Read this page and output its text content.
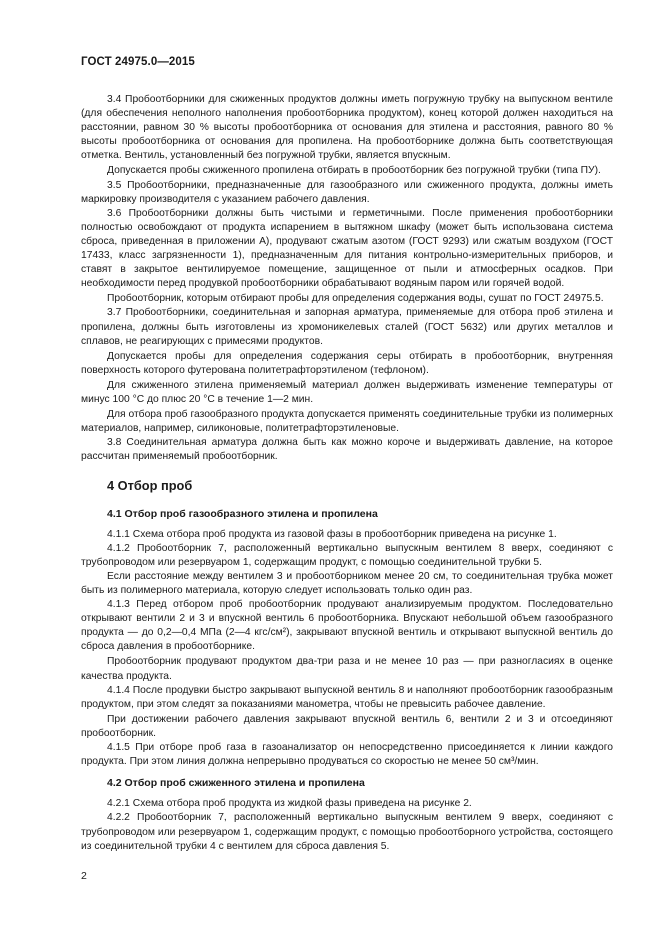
ГОСТ 24975.0—2015

3.4 Пробоотборники для сжиженных продуктов должны иметь погружную трубку на выпускном вентиле (для обеспечения неполного наполнения пробоотборника продуктом), конец которой должен находиться на расстоянии, равном 30 % высоты пробоотборника от основания для этилена и расстояния, равного 80 % высоты пробоотборника от основания для пропилена. На пробоотборнике должна быть соответствующая отметка. Вентиль, установленный без погружной трубки, является впускным.

Допускается пробы сжиженного пропилена отбирать в пробоотборник без погружной трубки (типа ПУ).

3.5 Пробоотборники, предназначенные для газообразного или сжиженного продукта, должны иметь маркировку производителя с указанием рабочего давления.

3.6 Пробоотборники должны быть чистыми и герметичными. После применения пробоотборники полностью освобождают от продукта испарением в вытяжном шкафу (может быть использована система сброса, приведенная в приложении А), продувают сжатым азотом (ГОСТ 9293) или сжатым воздухом (ГОСТ 17433, класс загрязненности 1), предназначенным для питания контрольно-измерительных приборов, и ставят в закрытое вентилируемое помещение, защищенное от пыли и атмосферных осадков. При необходимости перед продувкой пробоотборники обрабатывают водяным паром или горячей водой.

Пробоотборник, которым отбирают пробы для определения содержания воды, сушат по ГОСТ 24975.5.

3.7 Пробоотборники, соединительная и запорная арматура, применяемые для отбора проб этилена и пропилена, должны быть изготовлены из хромоникелевых сталей (ГОСТ 5632) или других металлов и сплавов, не реагирующих с примесями продуктов.

Допускается пробы для определения содержания серы отбирать в пробоотборник, внутренняя поверхность которого футерована политетрафторэтиленом (тефлоном).

Для сжиженного этилена применяемый материал должен выдерживать изменение температуры от минус 100 °С до плюс 20 °С в течение 1—2 мин.

Для отбора проб газообразного продукта допускается применять соединительные трубки из полимерных материалов, например, силиконовые, политетрафторэтиленовые.

3.8 Соединительная арматура должна быть как можно короче и выдерживать давление, на которое рассчитан применяемый пробоотборник.

4 Отбор проб
4.1 Отбор проб газообразного этилена и пропилена

4.1.1 Схема отбора проб продукта из газовой фазы в пробоотборник приведена на рисунке 1.

4.1.2 Пробоотборник 7, расположенный вертикально выпускным вентилем 8 вверх, соединяют с трубопроводом или резервуаром 1, содержащим продукт, с помощью соединительной трубки 5.

Если расстояние между вентилем 3 и пробоотборником менее 20 см, то соединительная трубка может быть из полимерного материала, которую следует использовать только один раз.

4.1.3 Перед отбором проб пробоотборник продувают анализируемым продуктом. Последовательно открывают вентили 2 и 3 и впускной вентиль 6 пробоотборника. Впускают небольшой объем газообразного продукта — до 0,2—0,4 МПа (2—4 кгс/см²), закрывают впускной вентиль и открывают выпускной вентиль до сброса давления в пробоотборнике.

Пробоотборник продувают продуктом два-три раза и не менее 10 раз — при разногласиях в оценке качества продукта.

4.1.4 После продувки быстро закрывают выпускной вентиль 8 и наполняют пробоотборник газообразным продуктом, при этом следят за показаниями манометра, чтобы не превысить рабочее давление.

При достижении рабочего давления закрывают впускной вентиль 6, вентили 2 и 3 и отсоединяют пробоотборник.

4.1.5 При отборе проб газа в газоанализатор он непосредственно присоединяется к линии каждого продукта. При этом линия должна непрерывно продуваться со скоростью не менее 50 см³/мин.

4.2 Отбор проб сжиженного этилена и пропилена

4.2.1 Схема отбора проб продукта из жидкой фазы приведена на рисунке 2.

4.2.2 Пробоотборник 7, расположенный вертикально выпускным вентилем 9 вверх, соединяют с трубопроводом или резервуаром 1, содержащим продукт, с помощью пробоотборного устройства, состоящего из соединительной трубки 4 с вентилем для сброса давления 5.

2
